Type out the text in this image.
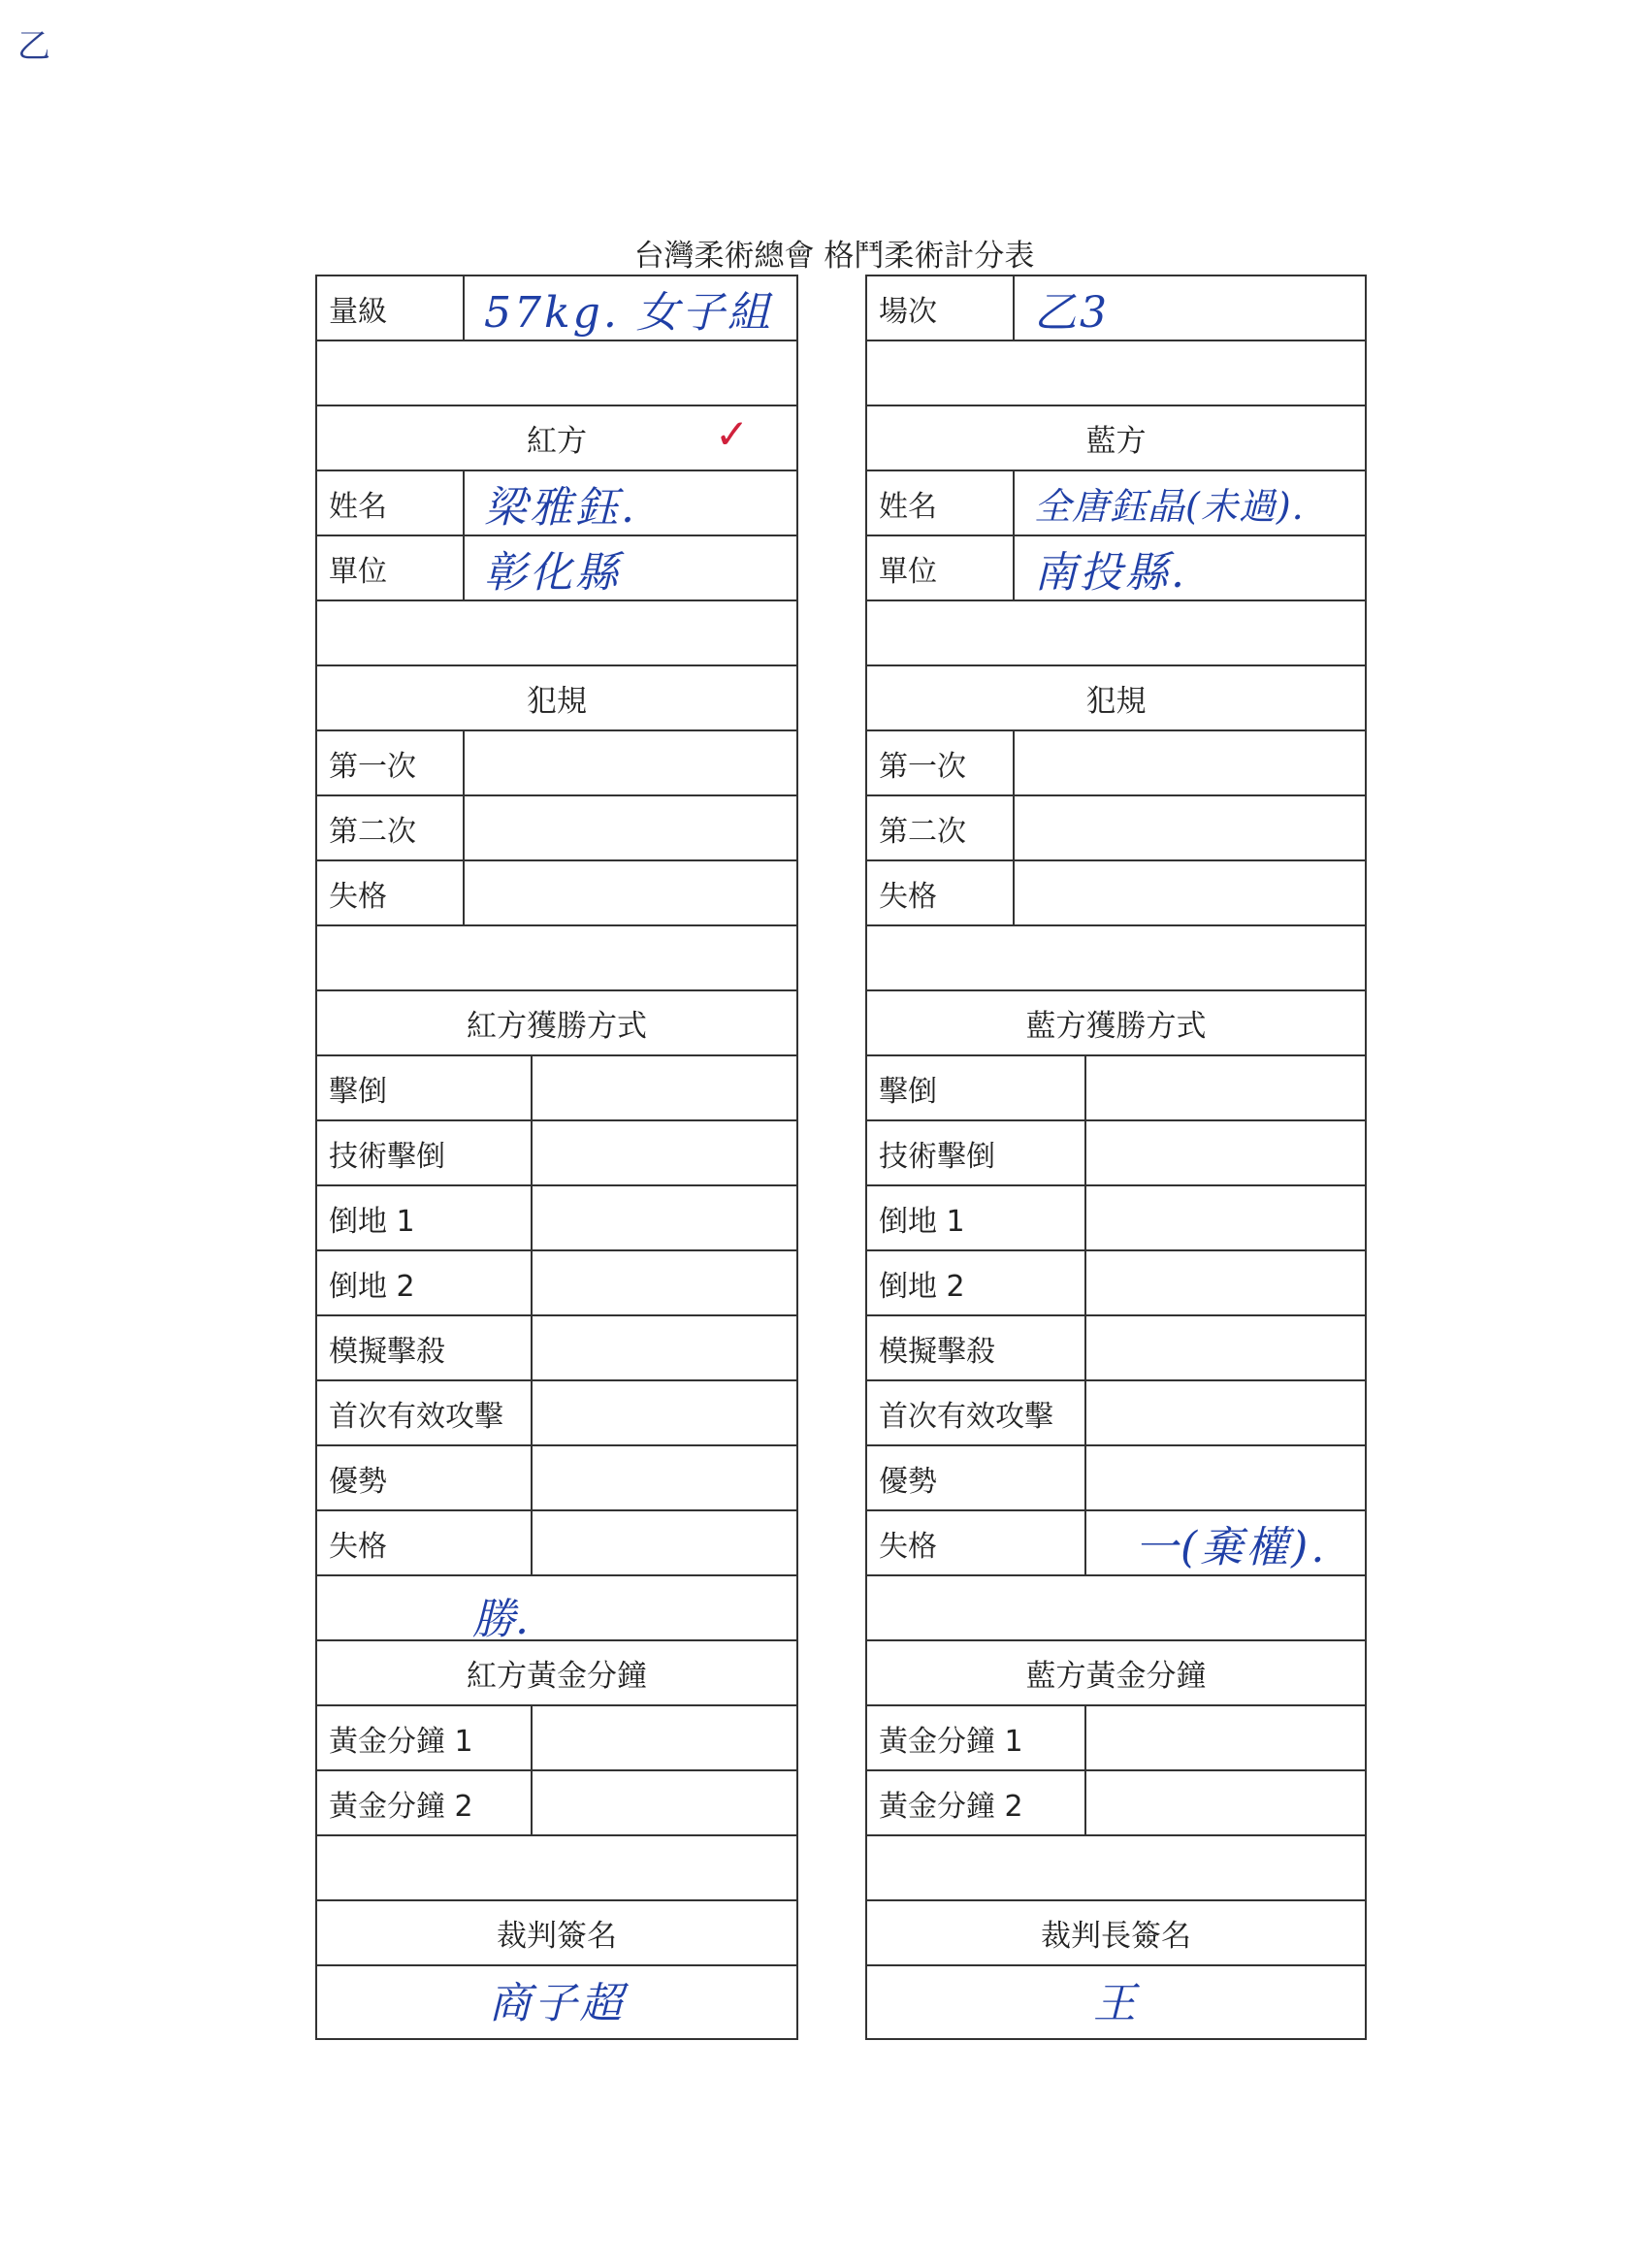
乙
台灣柔術總會 格鬥柔術計分表
量級	57kg. 女子組
紅方	✓
姓名	梁雅鈺.
單位	彰化縣
犯規
第一次
第二次
失格
紅方獲勝方式
擊倒
技術擊倒
倒地 1
倒地 2
模擬擊殺
首次有效攻擊
優勢
失格
勝.
紅方黃金分鐘
黃金分鐘 1
黃金分鐘 2
裁判簽名
商子超
場次	乙3
藍方
姓名	全唐鈺晶(未過).
單位	南投縣.
犯規
第一次
第二次
失格
藍方獲勝方式
擊倒
技術擊倒
倒地 1
倒地 2
模擬擊殺
首次有效攻擊
優勢
失格	一(棄權).
藍方黃金分鐘
黃金分鐘 1
黃金分鐘 2
裁判長簽名
王
